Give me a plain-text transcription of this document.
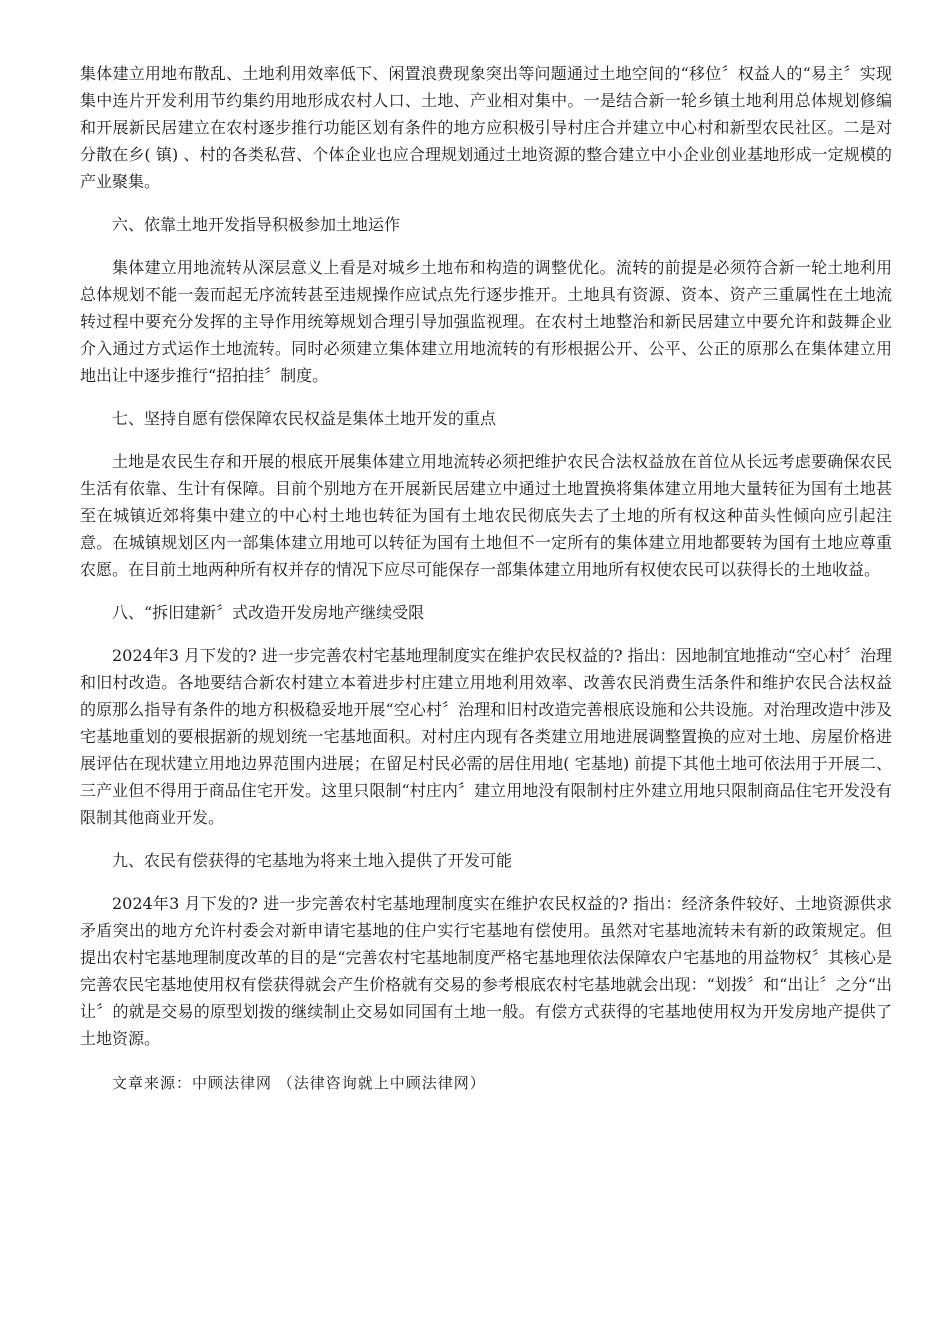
集体建立用地布散乱、土地利用效率低下、闲置浪费现象突出等问题通过土地空间的“移位〞权益人的“易主〞实现集中连片开发利用节约集约用地形成农村人口、土地、产业相对集中。一是结合新一轮乡镇土地利用总体规划修编和开展新民居建立在农村逐步推行功能区划有条件的地方应积极引导村庄合并建立中心村和新型农民社区。二是对分散在乡( 镇) 、村的各类私营、个体企业也应合理规划通过土地资源的整合建立中小企业创业基地形成一定规模的产业聚集。

六、依靠土地开发指导积极参加土地运作

集体建立用地流转从深层意义上看是对城乡土地布和构造的调整优化。流转的前提是必须符合新一轮土地利用总体规划不能一轰而起无序流转甚至违规操作应试点先行逐步推开。土地具有资源、资本、资产三重属性在土地流转过程中要充分发挥的主导作用统筹规划合理引导加强监视理。在农村土地整治和新民居建立中要允许和鼓舞企业介入通过方式运作土地流转。同时必须建立集体建立用地流转的有形根据公开、公平、公正的原那么在集体建立用地出让中逐步推行“招拍挂〞制度。

七、坚持自愿有偿保障农民权益是集体土地开发的重点

土地是农民生存和开展的根底开展集体建立用地流转必须把维护农民合法权益放在首位从长远考虑要确保农民生活有依靠、生计有保障。目前个别地方在开展新民居建立中通过土地置换将集体建立用地大量转征为国有土地甚至在城镇近郊将集中建立的中心村土地也转征为国有土地农民彻底失去了土地的所有权这种苗头性倾向应引起注意。在城镇规划区内一部集体建立用地可以转征为国有土地但不一定所有的集体建立用地都要转为国有土地应尊重农愿。在目前土地两种所有权并存的情况下应尽可能保存一部集体建立用地所有权使农民可以获得长的土地收益。

八、“拆旧建新〞式改造开发房地产继续受限

2024年3 月下发的? 进一步完善农村宅基地理制度实在维护农民权益的? 指出：因地制宜地推动“空心村〞治理和旧村改造。各地要结合新农村建立本着进步村庄建立用地利用效率、改善农民消费生活条件和维护农民合法权益的原那么指导有条件的地方积极稳妥地开展“空心村〞治理和旧村改造完善根底设施和公共设施。对治理改造中涉及宅基地重划的要根据新的规划统一宅基地面积。对村庄内现有各类建立用地进展调整置换的应对土地、房屋价格进展评估在现状建立用地边界范围内进展；在留足村民必需的居住用地( 宅基地) 前提下其他土地可依法用于开展二、三产业但不得用于商品住宅开发。这里只限制“村庄内〞建立用地没有限制村庄外建立用地只限制商品住宅开发没有限制其他商业开发。

九、农民有偿获得的宅基地为将来土地入提供了开发可能

2024年3 月下发的? 进一步完善农村宅基地理制度实在维护农民权益的? 指出：经济条件较好、土地资源供求矛盾突出的地方允许村委会对新申请宅基地的住户实行宅基地有偿使用。虽然对宅基地流转未有新的政策规定。但提出农村宅基地理制度改革的目的是“完善农村宅基地制度严格宅基地理依法保障农户宅基地的用益物权〞其核心是完善农民宅基地使用权有偿获得就会产生价格就有交易的参考根底农村宅基地就会出现：“划拨〞和“出让〞之分“出让〞的就是交易的原型划拨的继续制止交易如同国有土地一般。有偿方式获得的宅基地使用权为开发房地产提供了土地资源。

文章来源：中顾法律网 （法律咨询就上中顾法律网）
